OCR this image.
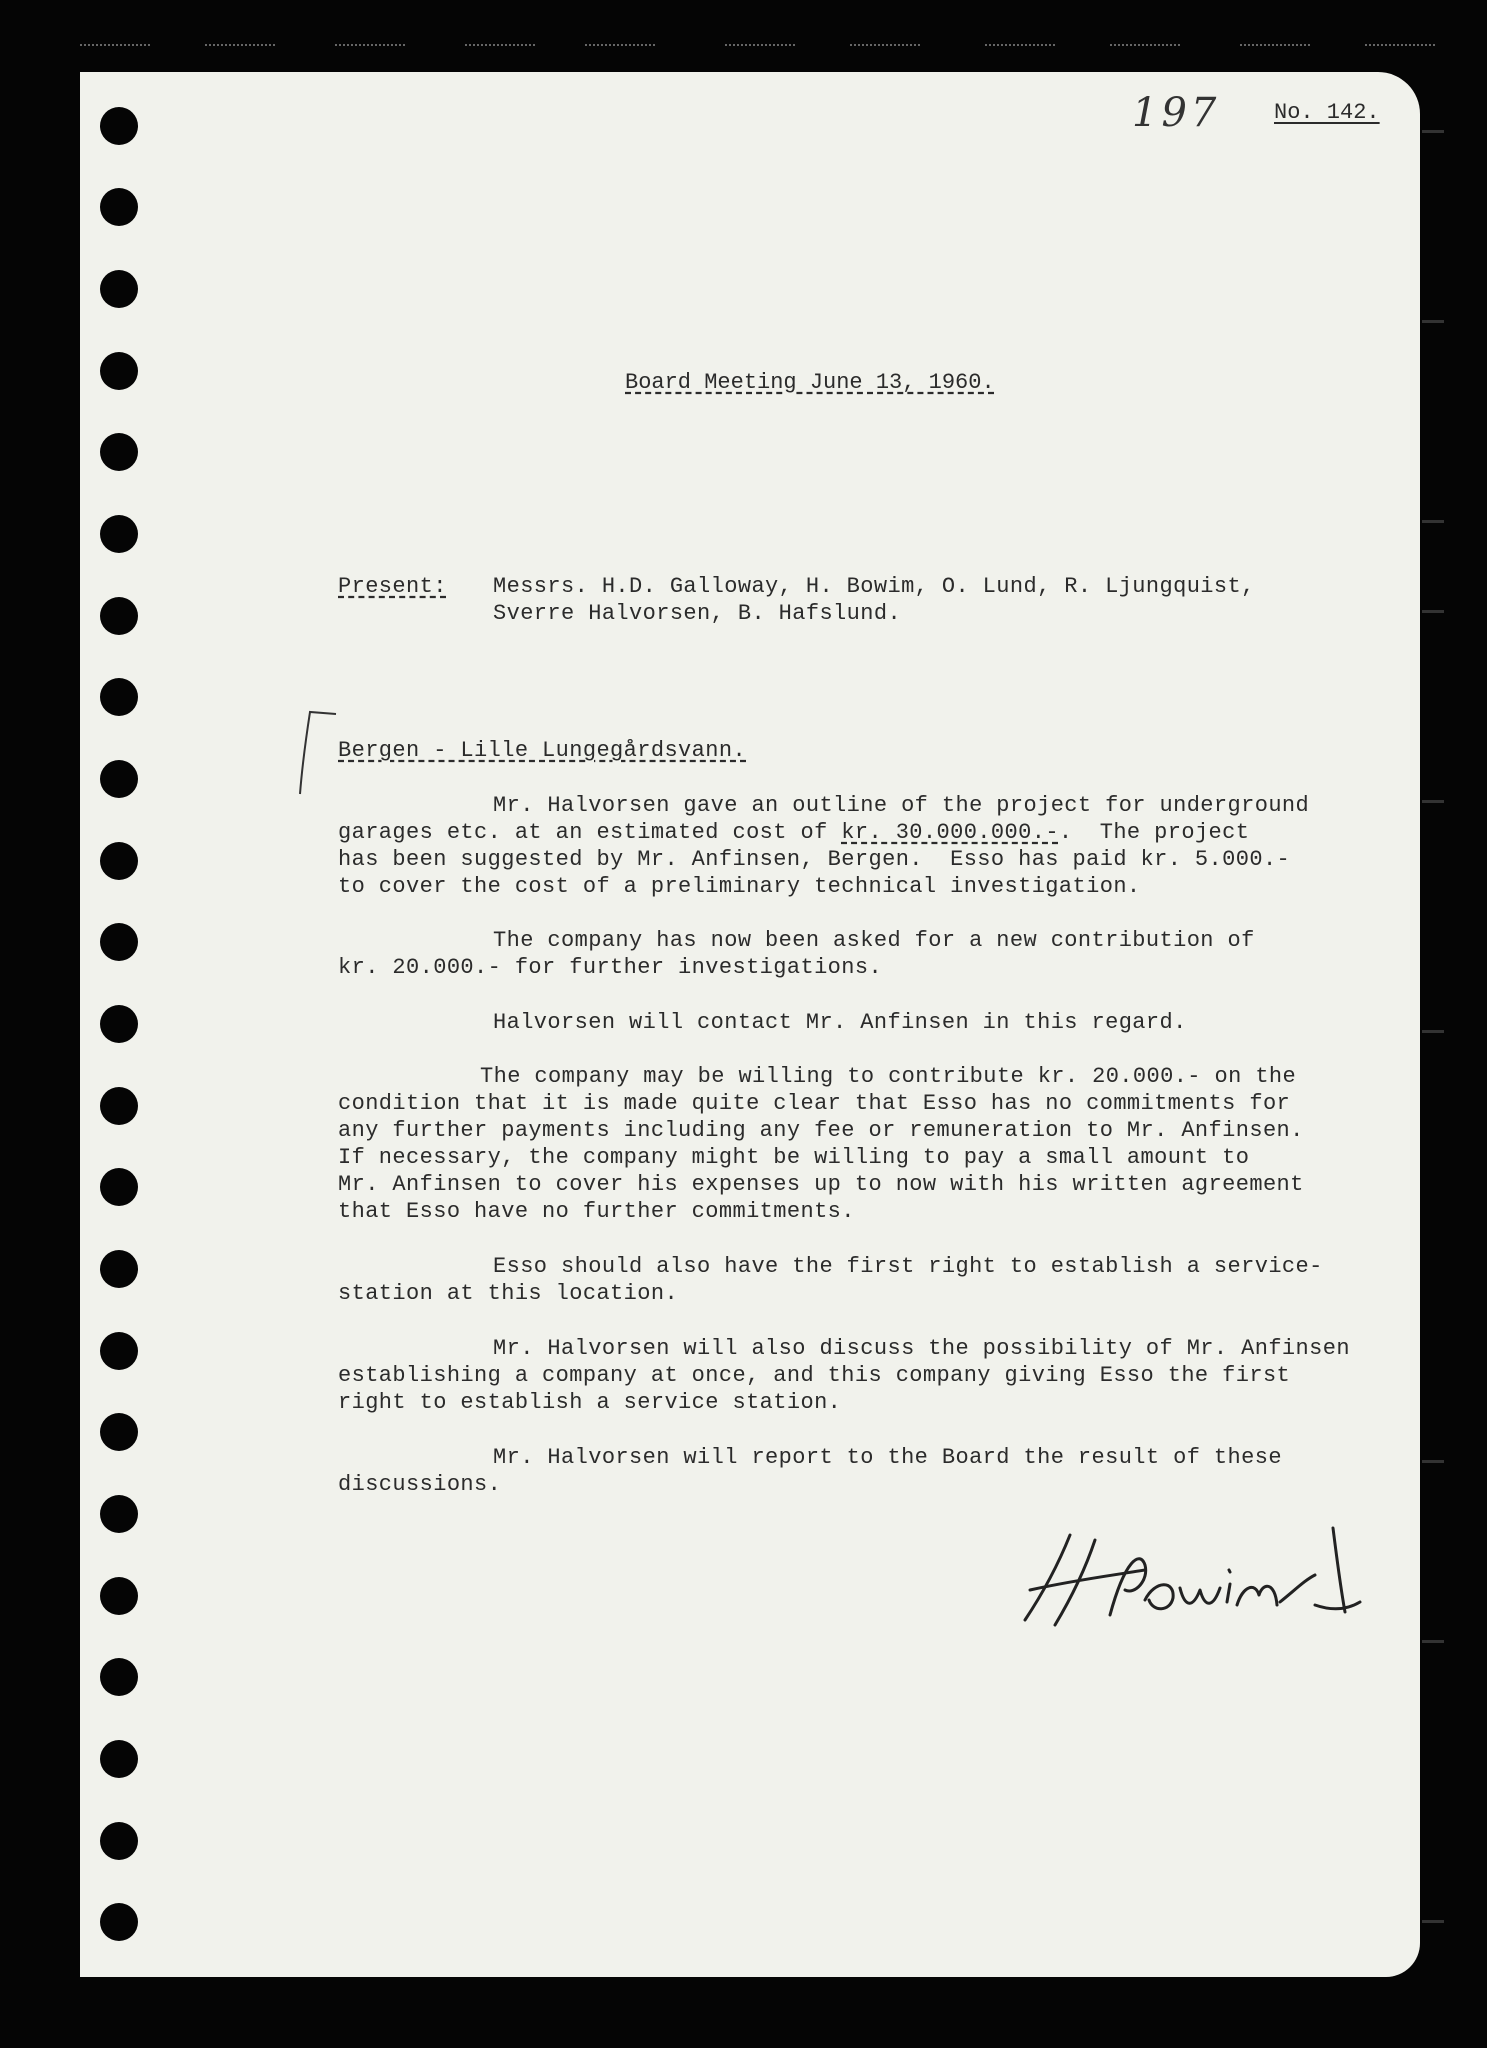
197 No. 142.
Board Meeting June 13, 1960.
Present: Messrs. H.D. Galloway, H. Bowim, O. Lund, R. Ljungquist,
Sverre Halvorsen, B. Hafslund.
Bergen - Lille Lungegårdsvann.
Mr. Halvorsen gave an outline of the project for underground
garages etc. at an estimated cost of kr. 30.000.000.-.  The project
has been suggested by Mr. Anfinsen, Bergen.  Esso has paid kr. 5.000.-
to cover the cost of a preliminary technical investigation.
The company has now been asked for a new contribution of
kr. 20.000.- for further investigations.
Halvorsen will contact Mr. Anfinsen in this regard.
The company may be willing to contribute kr. 20.000.- on the
condition that it is made quite clear that Esso has no commitments for
any further payments including any fee or remuneration to Mr. Anfinsen.
If necessary, the company might be willing to pay a small amount to
Mr. Anfinsen to cover his expenses up to now with his written agreement
that Esso have no further commitments.
Esso should also have the first right to establish a service-
station at this location.
Mr. Halvorsen will also discuss the possibility of Mr. Anfinsen
establishing a company at once, and this company giving Esso the first
right to establish a service station.
Mr. Halvorsen will report to the Board the result of these
discussions.
